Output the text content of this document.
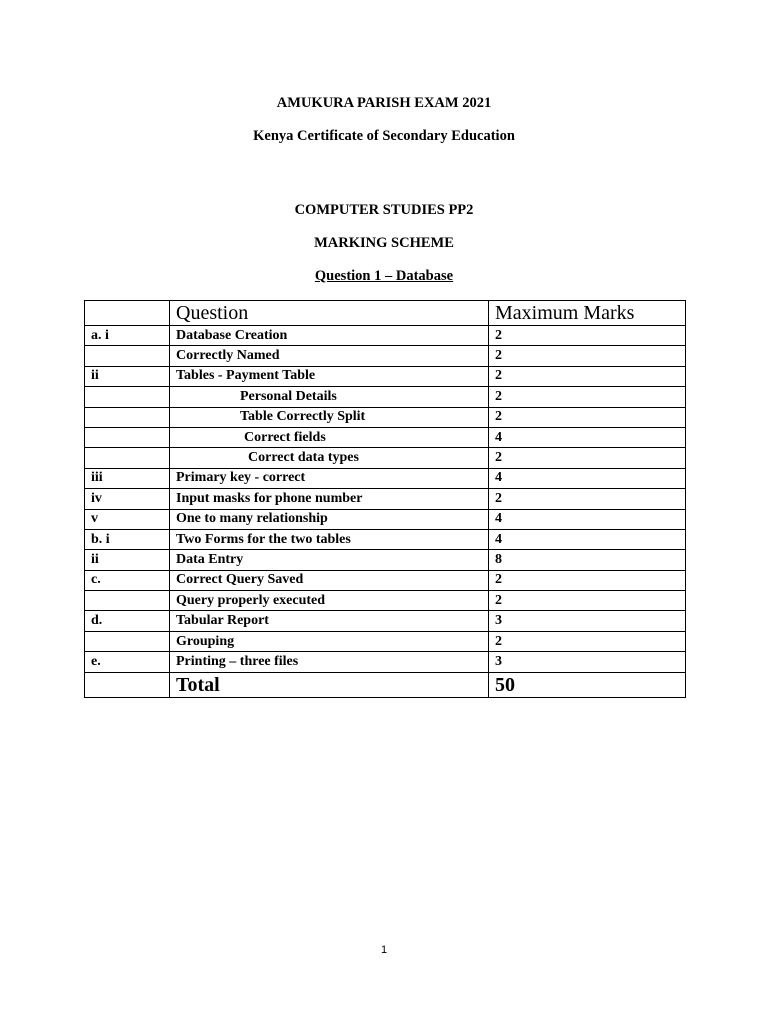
AMUKURA PARISH EXAM 2021

Kenya Certificate of Secondary Education

COMPUTER STUDIES PP2

MARKING SCHEME

Question 1 – Database

	Question	Maximum Marks
a. i	Database Creation	2
	Correctly Named	2
ii	Tables - Payment Table	2
	Personal Details	2
	Table Correctly Split	2
	Correct fields	4
	Correct data types	2
iii	Primary key - correct	4
iv	Input masks for phone number	2
v	One to many relationship	4
b. i	Two Forms for the two tables	4
ii	Data Entry	8
c.	Correct Query Saved	2
	Query properly executed	2
d.	Tabular Report	3
	Grouping	2
e.	Printing – three files	3
	Total	50
1
